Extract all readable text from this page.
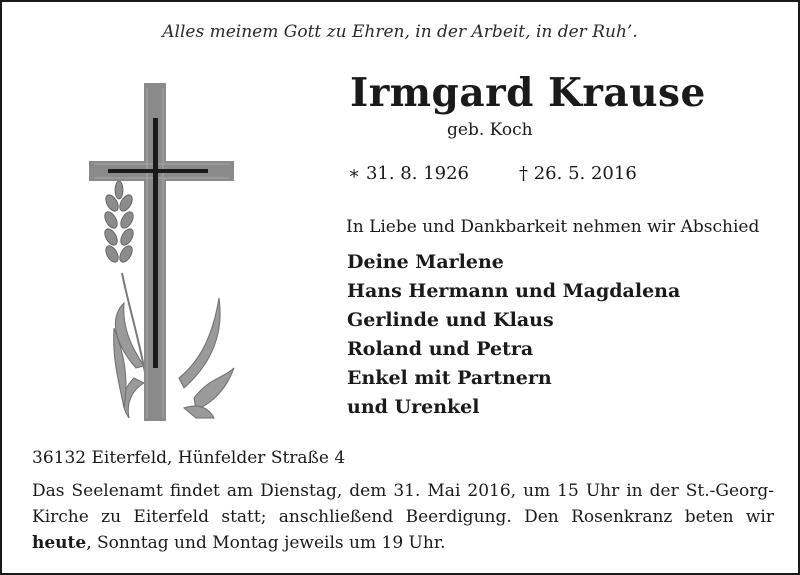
Alles meinem Gott zu Ehren, in der Arbeit, in der Ruh’.
Irmgard Krause
geb. Koch
∗ 31. 8. 1926	† 26. 5. 2016
In Liebe und Dankbarkeit nehmen wir Abschied
Deine Marlene
Hans Hermann und Magdalena
Gerlinde und Klaus
Roland und Petra
Enkel mit Partnern
und Urenkel
36132 Eiterfeld, Hünfelder Straße 4
Das Seelenamt findet am Dienstag, dem 31. Mai 2016, um 15 Uhr in der St.-Georg-Kirche zu Eiterfeld statt; anschließend Beerdigung. Den Rosenkranz beten wir heute, Sonntag und Montag jeweils um 19 Uhr.
